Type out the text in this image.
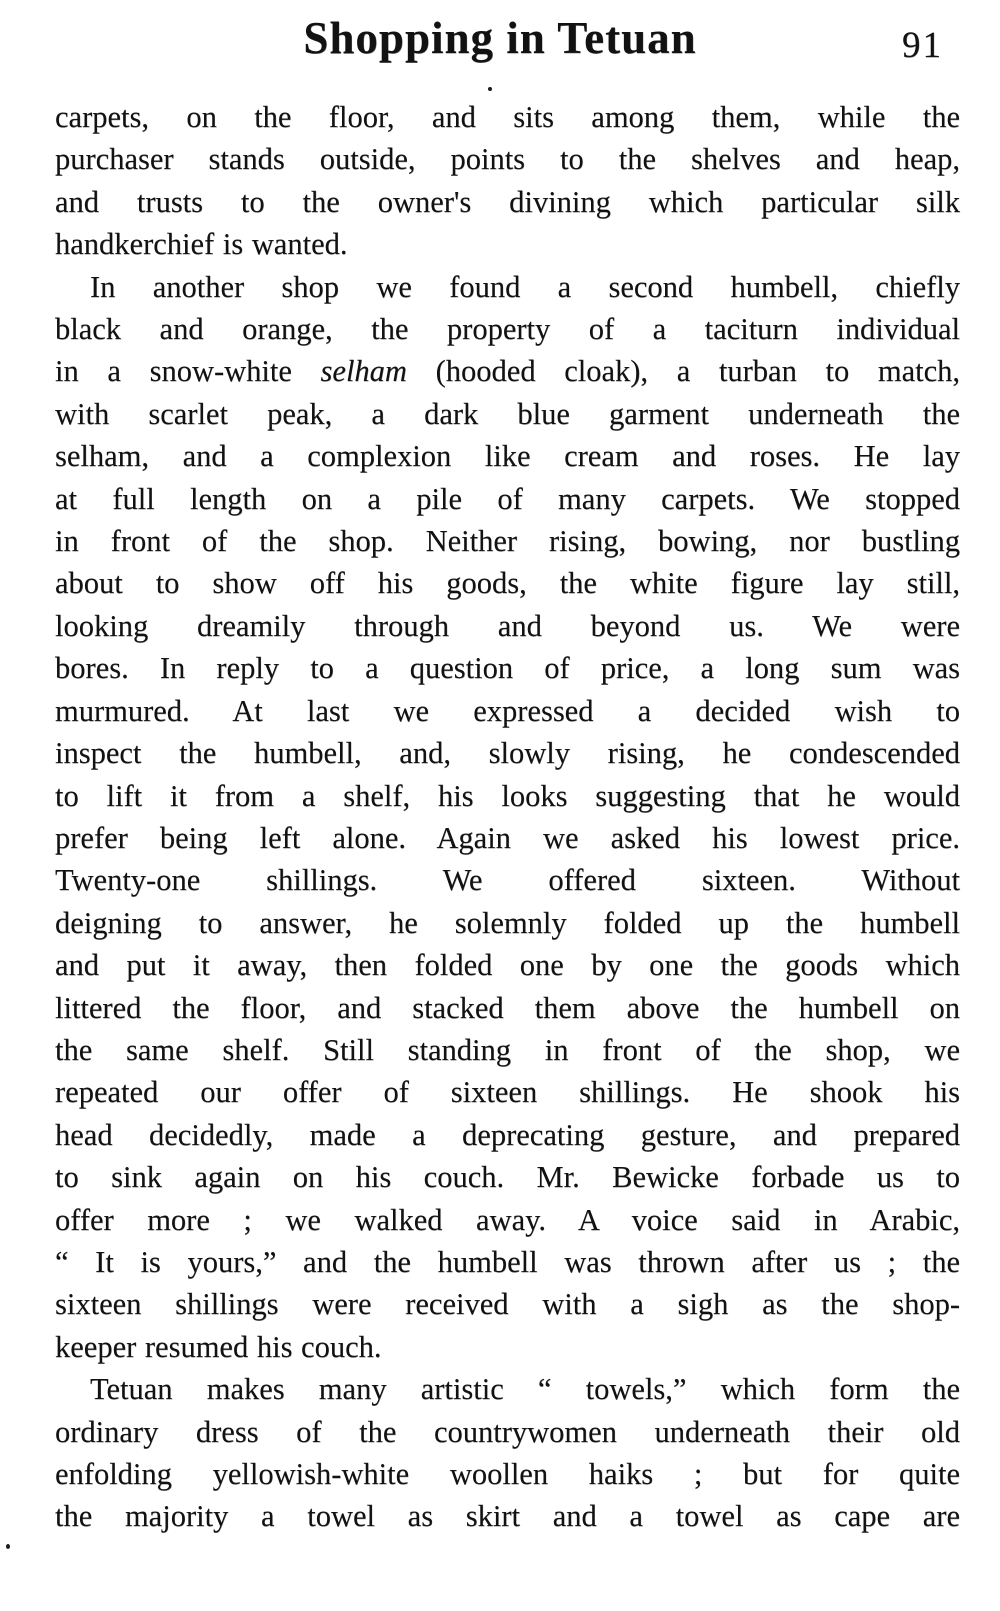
Shopping in Tetuan	91

carpets, on the floor, and sits among them, while the

purchaser stands outside, points to the shelves and heap,

and trusts to the owner's divining which particular silk

handkerchief is wanted.

In another shop we found a second humbell, chiefly

black and orange, the property of a taciturn individual

in a snow-white selham (hooded cloak), a turban to match,

with scarlet peak, a dark blue garment underneath the

selham, and a complexion like cream and roses. He lay

at full length on a pile of many carpets. We stopped

in front of the shop. Neither rising, bowing, nor bustling

about to show off his goods, the white figure lay still,

looking dreamily through and beyond us. We were

bores. In reply to a question of price, a long sum was

murmured. At last we expressed a decided wish to

inspect the humbell, and, slowly rising, he condescended

to lift it from a shelf, his looks suggesting that he would

prefer being left alone. Again we asked his lowest price.

Twenty-one shillings. We offered sixteen. Without

deigning to answer, he solemnly folded up the humbell

and put it away, then folded one by one the goods which

littered the floor, and stacked them above the humbell on

the same shelf. Still standing in front of the shop, we

repeated our offer of sixteen shillings. He shook his

head decidedly, made a deprecating gesture, and prepared

to sink again on his couch. Mr. Bewicke forbade us to

offer more ; we walked away. A voice said in Arabic,

“ It is yours,” and the humbell was thrown after us ; the

sixteen shillings were received with a sigh as the shop-

keeper resumed his couch.

Tetuan makes many artistic “ towels,” which form the

ordinary dress of the countrywomen underneath their old

enfolding yellowish-white woollen haiks ; but for quite

the majority a towel as skirt and a towel as cape are
